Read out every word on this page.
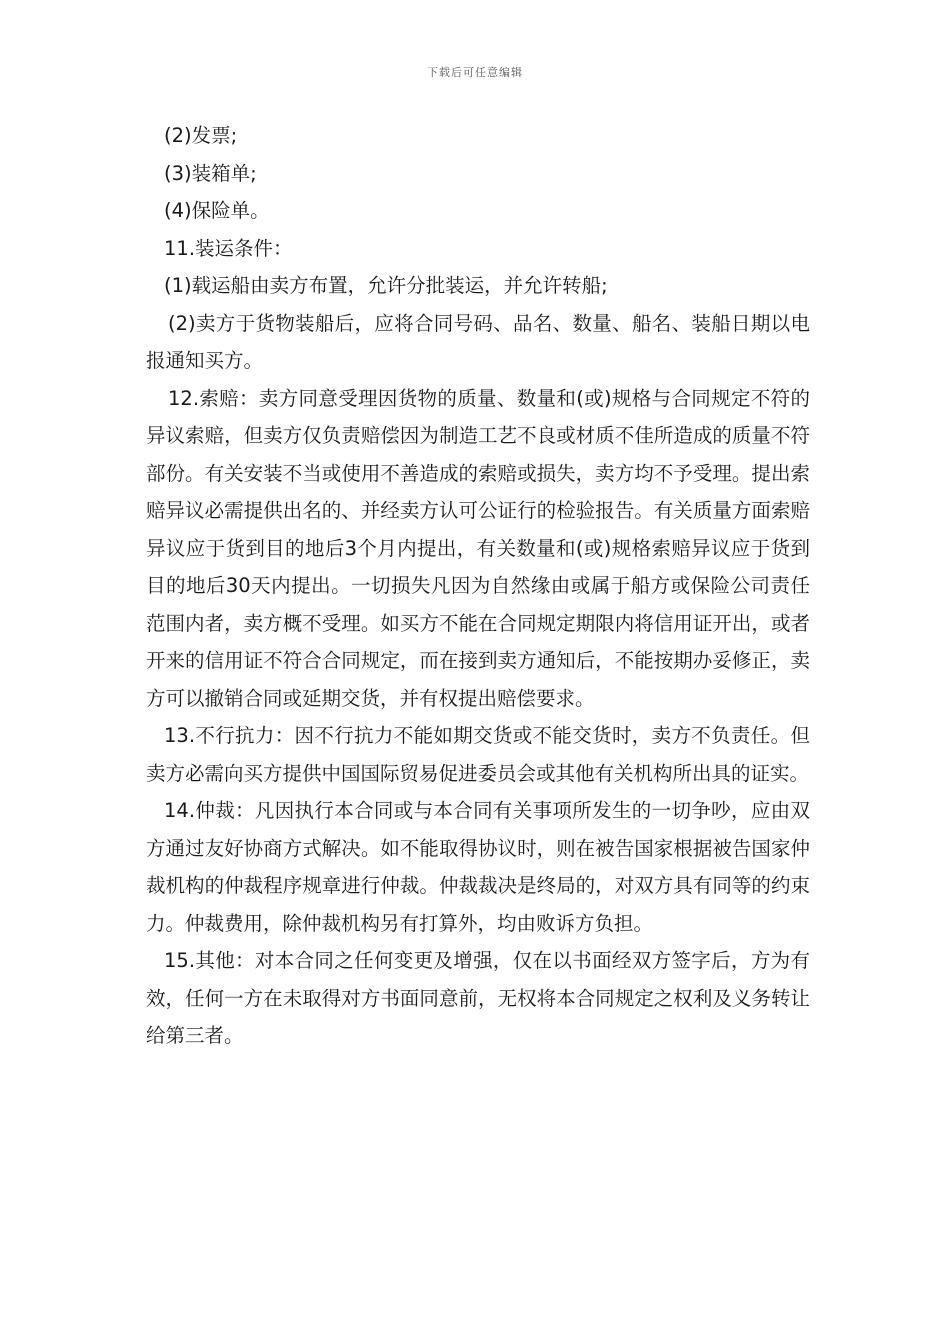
下载后可任意编辑

(2)发票;

(3)装箱单;

(4)保险单。

11.装运条件：

(1)载运船由卖方布置，允许分批装运，并允许转船;

(2)卖方于货物装船后，应将合同号码、品名、数量、船名、装船日期以电报通知买方。

12.索赔：卖方同意受理因货物的质量、数量和(或)规格与合同规定不符的异议索赔，但卖方仅负责赔偿因为制造工艺不良或材质不佳所造成的质量不符部份。有关安装不当或使用不善造成的索赔或损失，卖方均不予受理。提出索赔异议必需提供出名的、并经卖方认可公证行的检验报告。有关质量方面索赔异议应于货到目的地后3个月内提出，有关数量和(或)规格索赔异议应于货到目的地后30天内提出。一切损失凡因为自然缘由或属于船方或保险公司责任范围内者，卖方概不受理。如买方不能在合同规定期限内将信用证开出，或者开来的信用证不符合合同规定，而在接到卖方通知后，不能按期办妥修正，卖方可以撤销合同或延期交货，并有权提出赔偿要求。

13.不行抗力：因不行抗力不能如期交货或不能交货时，卖方不负责任。但卖方必需向买方提供中国国际贸易促进委员会或其他有关机构所出具的证实。

14.仲裁：凡因执行本合同或与本合同有关事项所发生的一切争吵，应由双方通过友好协商方式解决。如不能取得协议时，则在被告国家根据被告国家仲裁机构的仲裁程序规章进行仲裁。仲裁裁决是终局的，对双方具有同等的约束力。仲裁费用，除仲裁机构另有打算外，均由败诉方负担。

15.其他：对本合同之任何变更及增强，仅在以书面经双方签字后，方为有效，任何一方在未取得对方书面同意前，无权将本合同规定之权利及义务转让给第三者。
